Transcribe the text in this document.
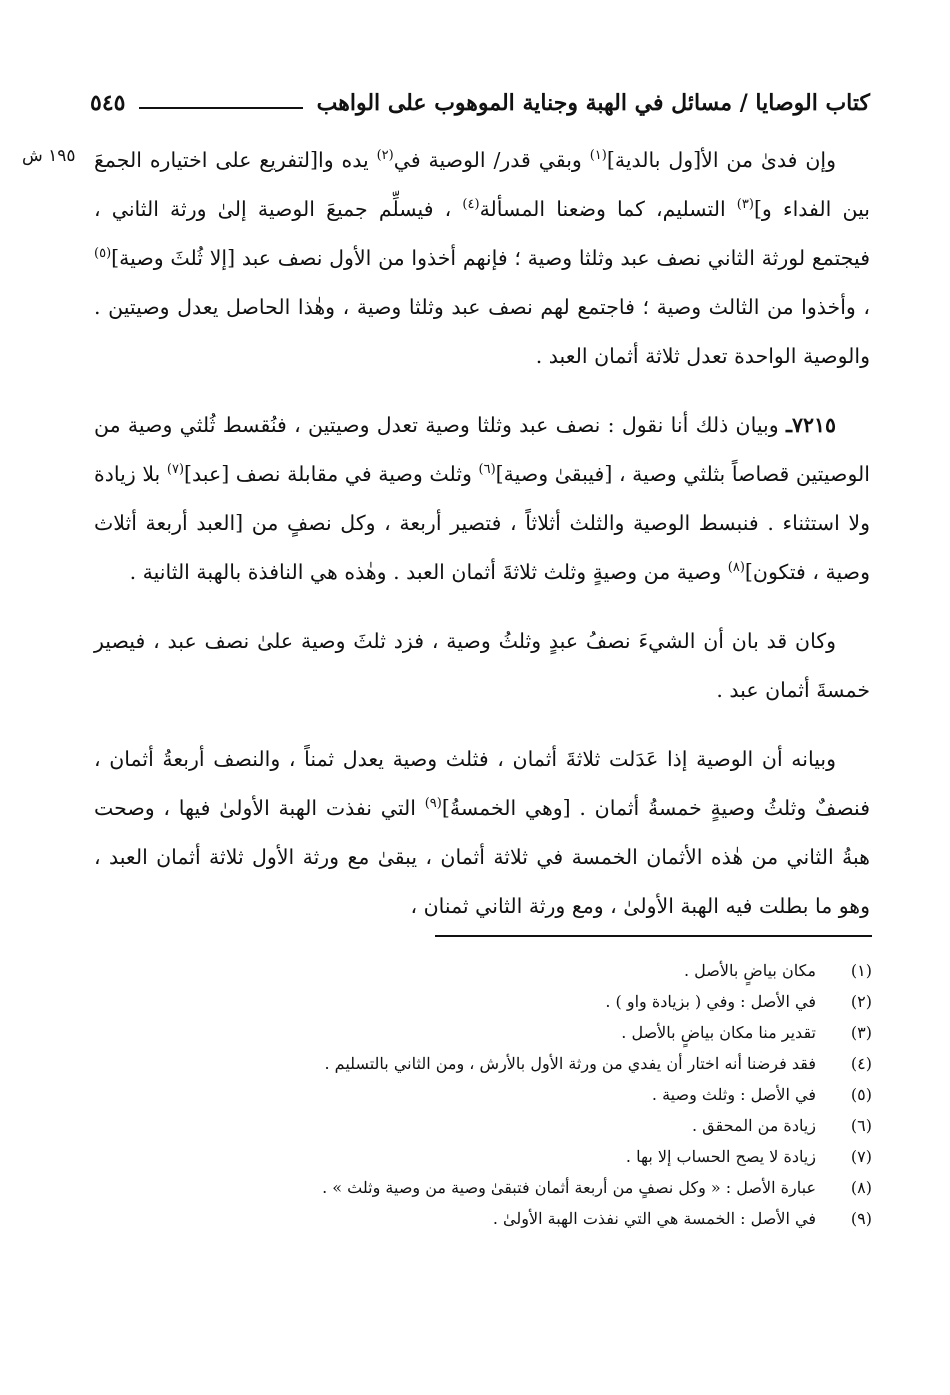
كتاب الوصايا / مسائل في الهبة وجناية الموهوب على الواهب
٥٤٥
١٩٥ ش	وإن فدىٰ من الأ[ول بالدية]$^{(١)}$ وبقي قدر/ الوصية في$^{(٢)}$ يده وا[لتفريع على اختياره الجمعَ بين الفداء و]$^{(٣)}$ التسليم، كما وضعنا المسألة$^{(٤)}$ ، فيسلِّم جميعَ الوصية إلىٰ ورثة الثاني ، فيجتمع لورثة الثاني نصف عبد وثلثا وصية ؛ فإنهم أخذوا من الأول نصف عبد [إلا ثُلثَ وصية]$^{(٥)}$ ، وأخذوا من الثالث وصية ؛ فاجتمع لهم نصف عبد وثلثا وصية ، وهٰذا الحاصل يعدل وصيتين . والوصية الواحدة تعدل ثلاثة أثمان العبد .

٧٢١٥ـ وبيان ذلك أنا نقول : نصف عبد وثلثا وصية تعدل وصيتين ، فنُقسط ثُلثي وصية من الوصيتين قصاصاً بثلثي وصية ، [فيبقىٰ وصية]$^{(٦)}$ وثلث وصية في مقابلة نصف [عبد]$^{(٧)}$ بلا زيادة ولا استثناء . فنبسط الوصية والثلث أثلاثاً ، فتصير أربعة ، وكل نصفٍ من [العبد أربعة أثلاث وصية ، فتكون]$^{(٨)}$ وصية من وصيةٍ وثلث ثلاثةَ أثمان العبد . وهٰذه هي النافذة بالهبة الثانية .

وكان قد بان أن الشيءَ نصفُ عبدٍ وثلثُ وصية ، فزد ثلثَ وصية علىٰ نصف عبد ، فيصير خمسةَ أثمان عبد .

وبيانه أن الوصية إذا عَدَلت ثلاثةَ أثمان ، فثلث وصية يعدل ثمناً ، والنصف أربعةُ أثمان ، فنصفٌ وثلثُ وصيةٍ خمسةُ أثمان . [وهي الخمسةُ]$^{(٩)}$ التي نفذت الهبة الأولىٰ فيها ، وصحت هبةُ الثاني من هٰذه الأثمان الخمسة في ثلاثة أثمان ، يبقىٰ مع ورثة الأول ثلاثة أثمان العبد ، وهو ما بطلت فيه الهبة الأولىٰ ، ومع ورثة الثاني ثمنان ،

(١)
مكان بياضٍ بالأصل .
(٢)
في الأصل : وفي ( بزيادة واو ) .
(٣)
تقدير منا مكان بياضٍ بالأصل .
(٤)
فقد فرضنا أنه اختار أن يفدي من ورثة الأول بالأرش ، ومن الثاني بالتسليم .
(٥)
في الأصل : وثلث وصية .
(٦)
زيادة من المحقق .
(٧)
زيادة لا يصح الحساب إلا بها .
(٨)
عبارة الأصل : « وكل نصفٍ من أربعة أثمان فتبقىٰ وصية من وصية وثلث » .
(٩)
في الأصل : الخمسة هي التي نفذت الهبة الأولىٰ .
